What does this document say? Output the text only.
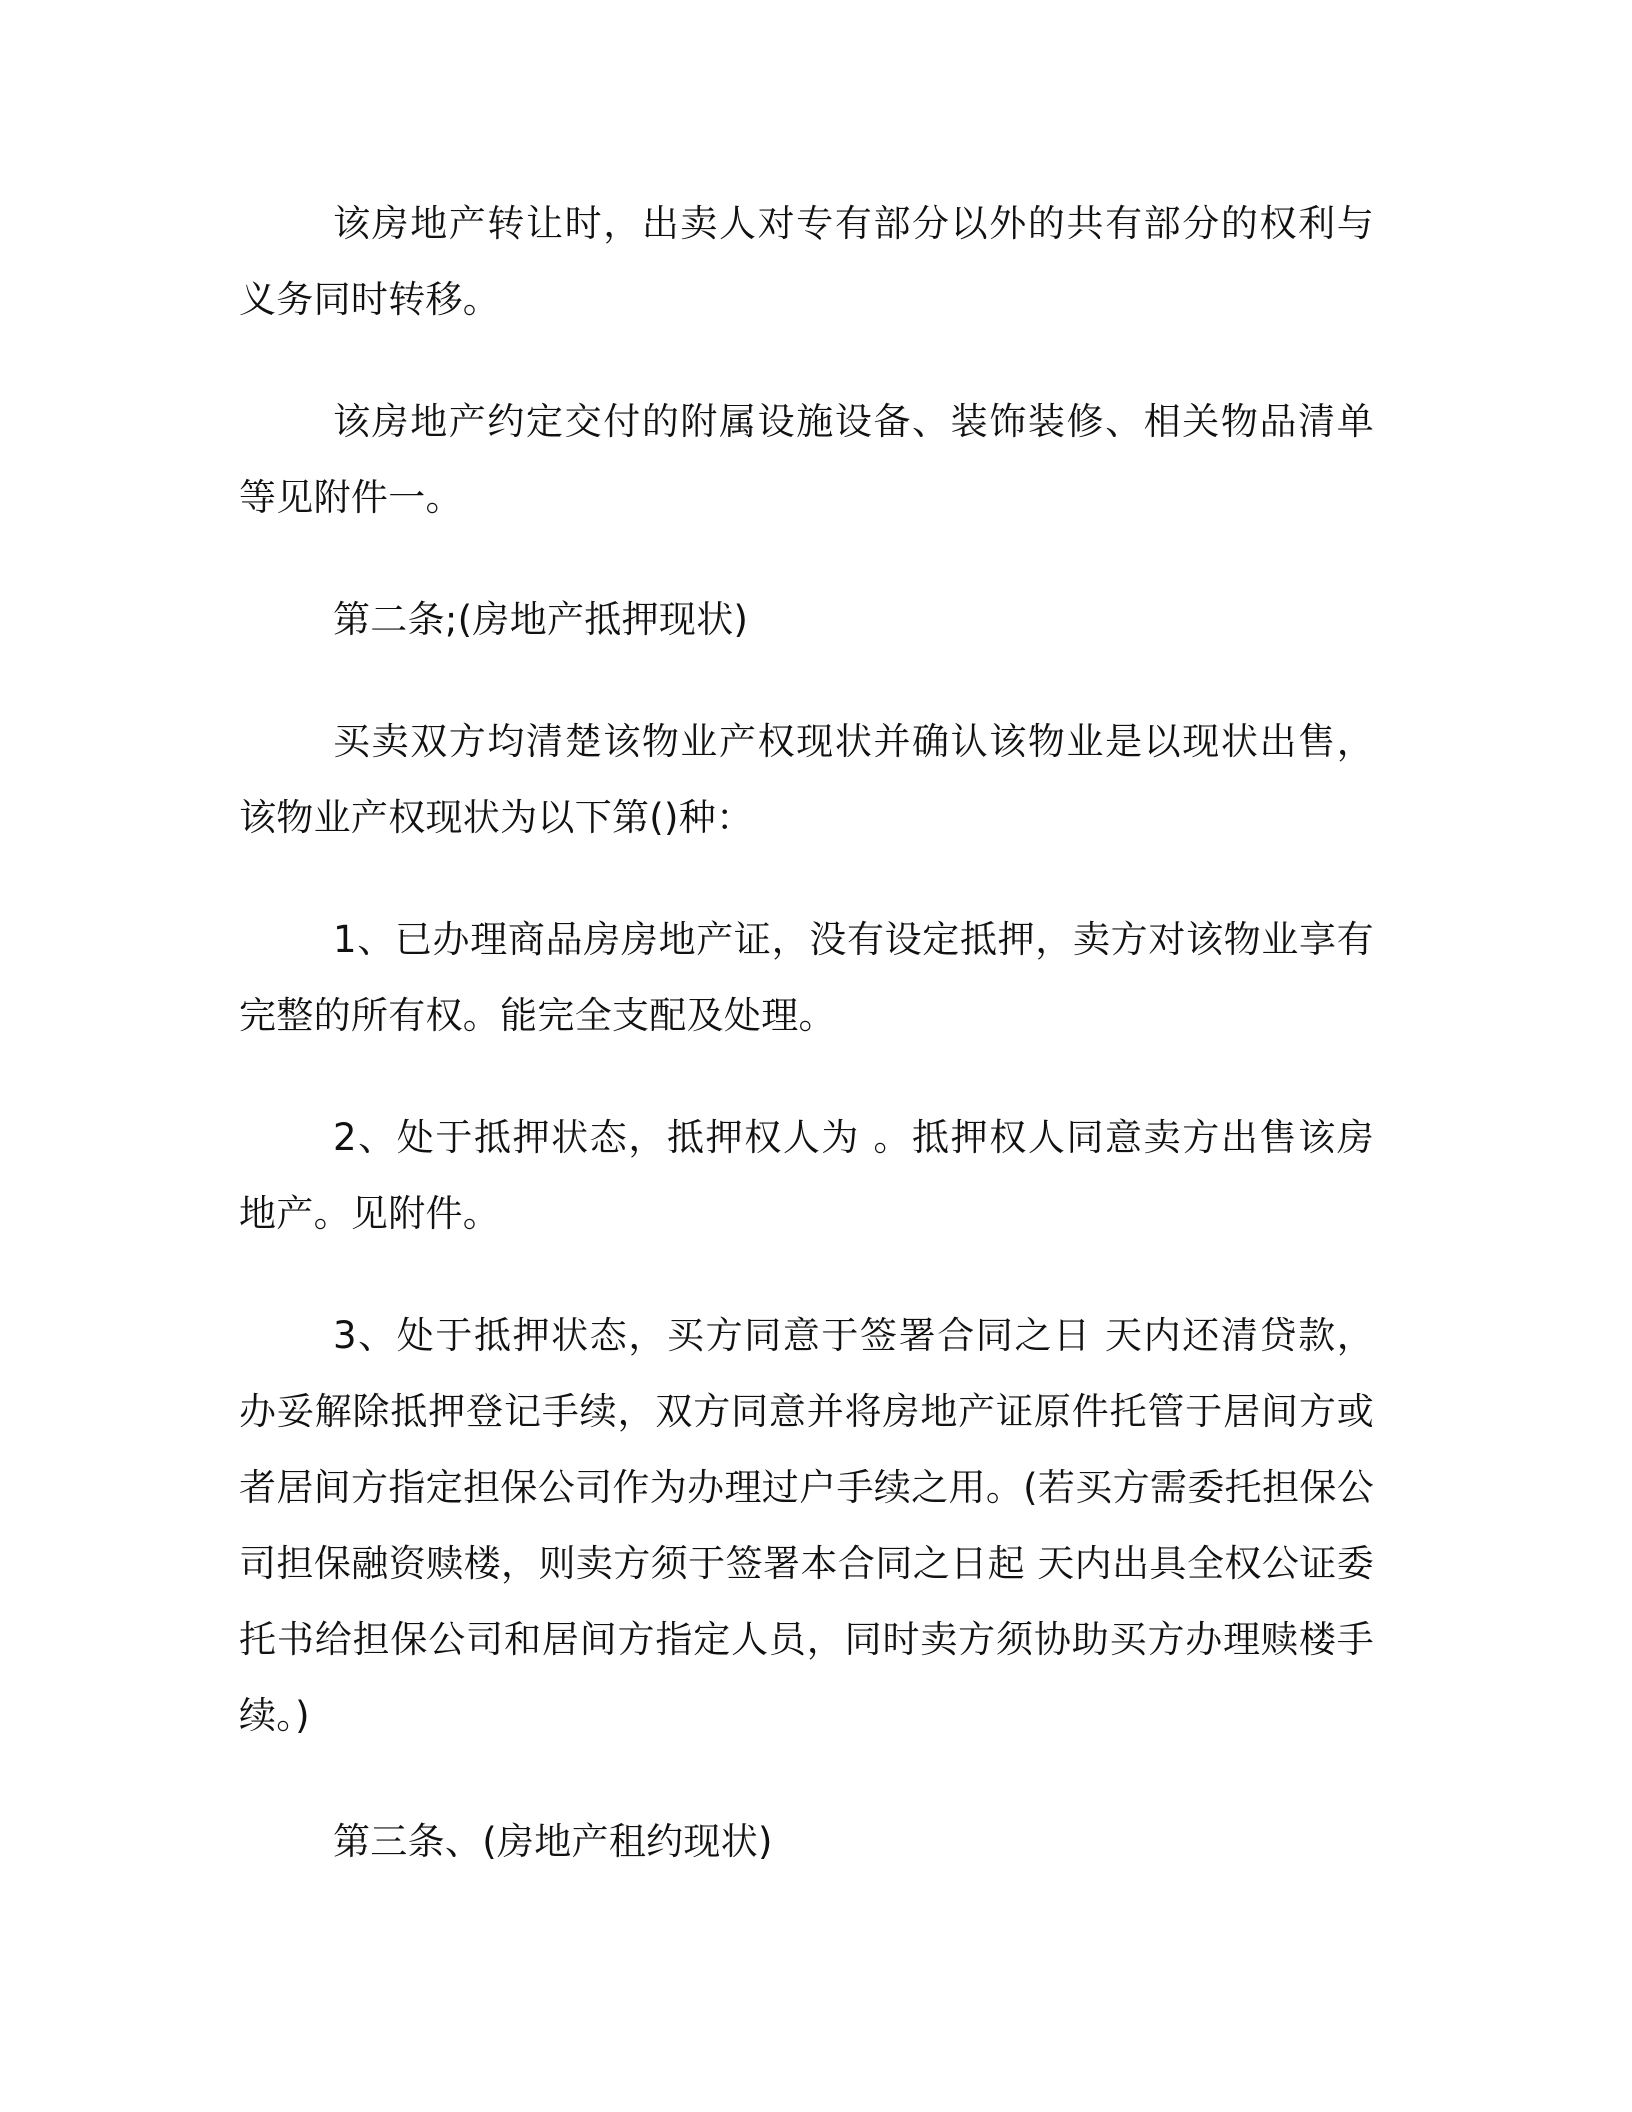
该房地产转让时，出卖人对专有部分以外的共有部分的权利与义务同时转移。

该房地产约定交付的附属设施设备、装饰装修、相关物品清单等见附件一。

第二条;(房地产抵押现状)

买卖双方均清楚该物业产权现状并确认该物业是以现状出售，该物业产权现状为以下第()种：

1、已办理商品房房地产证，没有设定抵押，卖方对该物业享有完整的所有权。能完全支配及处理。

2、处于抵押状态，抵押权人为 。抵押权人同意卖方出售该房地产。见附件。

3、处于抵押状态，买方同意于签署合同之日 天内还清贷款，办妥解除抵押登记手续，双方同意并将房地产证原件托管于居间方或者居间方指定担保公司作为办理过户手续之用。(若买方需委托担保公司担保融资赎楼，则卖方须于签署本合同之日起 天内出具全权公证委托书给担保公司和居间方指定人员，同时卖方须协助买方办理赎楼手续。)

第三条、(房地产租约现状)
